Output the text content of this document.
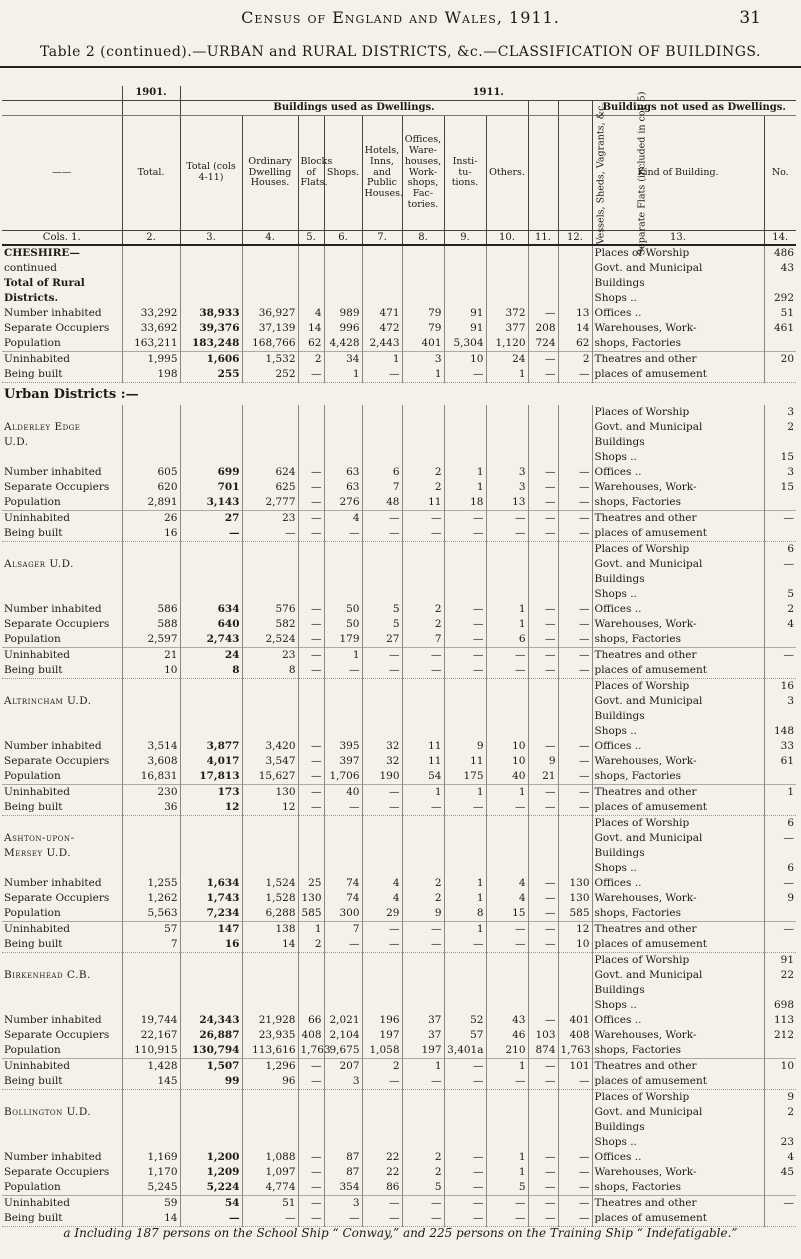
Census of England and Wales, 1911.	31
Table 2 (continued).—URBAN and RURAL DISTRICTS, &c.—CLASSIFICATION OF BUILDINGS.
	1901.	1911.											
		Buildings used as Dwellings.										Buildings not used as Dwellings.	
——	Total.	Total (cols 4-11)	Ordinary Dwelling Houses.	Blocks of Flats.	Shops.	Hotels, Inns, and Public Houses.	Offices, Ware-houses, Work-shops, Fac-tories.	Insti-tu-tions.	Others.	Vessels, Sheds, Vagrants, &c.	Separate Flats (included in col. 5)	Kind of Building.	No.
Cols. 1.	2.	3.	4.	5.	6.	7.	8.	9.	10.	11.	12.	13.	14.
CHESHIRE—												Places of Worship	486
continued												Govt. and Municipal	43
Total of Rural												Buildings	
Districts.												Shops ..	292
Number inhabited	33,292	38,933	36,927	4	989	471	79	91	372	—	13	Offices ..	51
Separate Occupiers	33,692	39,376	37,139	14	996	472	79	91	377	208	14	Warehouses, Work-	461
Population	163,211	183,248	168,766	62	4,428	2,443	401	5,304	1,120	724	62	shops, Factories	
Uninhabited	1,995	1,606	1,532	2	34	1	3	10	24	—	2	Theatres and other	20
Being built	198	255	252	—	1	—	1	—	1	—	—	places of amusement	
Urban Districts :—													
												Places of Worship	3
Alderley Edge												Govt. and Municipal	2
U.D.												Buildings	
												Shops ..	15
Number inhabited	605	699	624	—	63	6	2	1	3	—	—	Offices ..	3
Separate Occupiers	620	701	625	—	63	7	2	1	3	—	—	Warehouses, Work-	15
Population	2,891	3,143	2,777	—	276	48	11	18	13	—	—	shops, Factories	
Uninhabited	26	27	23	—	4	—	—	—	—	—	—	Theatres and other	—
Being built	16	—	—	—	—	—	—	—	—	—	—	places of amusement	
												Places of Worship	6
Alsager U.D.												Govt. and Municipal	—
												Buildings	
												Shops ..	5
Number inhabited	586	634	576	—	50	5	2	—	1	—	—	Offices ..	2
Separate Occupiers	588	640	582	—	50	5	2	—	1	—	—	Warehouses, Work-	4
Population	2,597	2,743	2,524	—	179	27	7	—	6	—	—	shops, Factories	
Uninhabited	21	24	23	—	1	—	—	—	—	—	—	Theatres and other	—
Being built	10	8	8	—	—	—	—	—	—	—	—	places of amusement	
												Places of Worship	16
Altrincham U.D.												Govt. and Municipal	3
												Buildings	
												Shops ..	148
Number inhabited	3,514	3,877	3,420	—	395	32	11	9	10	—	—	Offices ..	33
Separate Occupiers	3,608	4,017	3,547	—	397	32	11	11	10	9	—	Warehouses, Work-	61
Population	16,831	17,813	15,627	—	1,706	190	54	175	40	21	—	shops, Factories	
Uninhabited	230	173	130	—	40	—	1	1	1	—	—	Theatres and other	1
Being built	36	12	12	—	—	—	—	—	—	—	—	places of amusement	
												Places of Worship	6
Ashton-upon-												Govt. and Municipal	—
Mersey U.D.												Buildings	
												Shops ..	6
Number inhabited	1,255	1,634	1,524	25	74	4	2	1	4	—	130	Offices ..	—
Separate Occupiers	1,262	1,743	1,528	130	74	4	2	1	4	—	130	Warehouses, Work-	9
Population	5,563	7,234	6,288	585	300	29	9	8	15	—	585	shops, Factories	
Uninhabited	57	147	138	1	7	—	—	1	—	—	12	Theatres and other	—
Being built	7	16	14	2	—	—	—	—	—	—	10	places of amusement	
												Places of Worship	91
Birkenhead C.B.												Govt. and Municipal	22
												Buildings	
												Shops ..	698
Number inhabited	19,744	24,343	21,928	66	2,021	196	37	52	43	—	401	Offices ..	113
Separate Occupiers	22,167	26,887	23,935	408	2,104	197	37	57	46	103	408	Warehouses, Work-	212
Population	110,915	130,794	113,616	1,763	9,675	1,058	197	3,401a	210	874	1,763	shops, Factories	
Uninhabited	1,428	1,507	1,296	—	207	2	1	—	1	—	101	Theatres and other	10
Being built	145	99	96	—	3	—	—	—	—	—	—	places of amusement	
												Places of Worship	9
Bollington U.D.												Govt. and Municipal	2
												Buildings	
												Shops ..	23
Number inhabited	1,169	1,200	1,088	—	87	22	2	—	1	—	—	Offices ..	4
Separate Occupiers	1,170	1,209	1,097	—	87	22	2	—	1	—	—	Warehouses, Work-	45
Population	5,245	5,224	4,774	—	354	86	5	—	5	—	—	shops, Factories	
Uninhabited	59	54	51	—	3	—	—	—	—	—	—	Theatres and other	—
Being built	14	—	—	—	—	—	—	—	—	—	—	places of amusement	
a Including 187 persons on the School Ship “ Conway,” and 225 persons on the Training Ship “ Indefatigable.”
